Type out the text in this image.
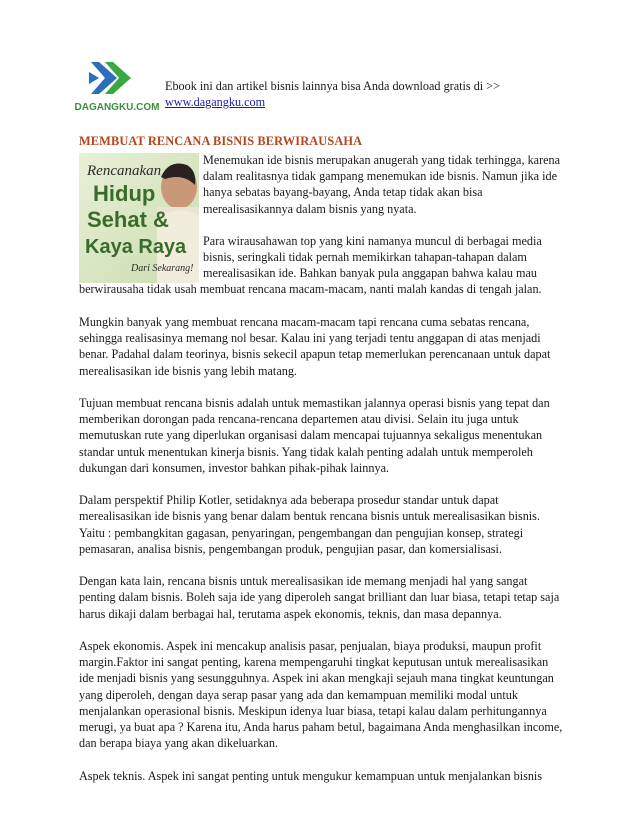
DAGANGKU.COM
Ebook ini dan artikel bisnis lainnya bisa Anda download gratis di >>
www.dagangku.com
MEMBUAT RENCANA BISNIS BERWIRAUSAHA
Rencanakan
Hidup
Sehat &
Kaya Raya
Dari Sekarang!

Menemukan ide bisnis merupakan anugerah yang tidak terhingga, karena dalam realitasnya tidak gampang menemukan ide bisnis. Namun jika ide hanya sebatas bayang-bayang, Anda tetap tidak akan bisa merealisasikannya dalam bisnis yang nyata.

Para wirausahawan top yang kini namanya muncul di berbagai media bisnis, seringkali tidak pernah memikirkan tahapan-tahapan dalam merealisasikan ide. Bahkan banyak pula anggapan bahwa kalau mau berwirausaha tidak usah membuat rencana macam-macam, nanti malah kandas di tengah jalan.

Mungkin banyak yang membuat rencana macam-macam tapi rencana cuma sebatas rencana, sehingga realisasinya memang nol besar. Kalau ini yang terjadi tentu anggapan di atas menjadi benar. Padahal dalam teorinya, bisnis sekecil apapun tetap memerlukan perencanaan untuk dapat merealisasikan ide bisnis yang lebih matang.

Tujuan membuat rencana bisnis adalah untuk memastikan jalannya operasi bisnis yang tepat dan memberikan dorongan pada rencana-rencana departemen atau divisi. Selain itu juga untuk memutuskan rute yang diperlukan organisasi dalam mencapai tujuannya sekaligus menentukan standar untuk menentukan kinerja bisnis. Yang tidak kalah penting adalah untuk memperoleh dukungan dari konsumen, investor bahkan pihak-pihak lainnya.

Dalam perspektif Philip Kotler, setidaknya ada beberapa prosedur standar untuk dapat merealisasikan ide bisnis yang benar dalam bentuk rencana bisnis untuk merealisasikan bisnis. Yaitu : pembangkitan gagasan, penyaringan, pengembangan dan pengujian konsep, strategi pemasaran, analisa bisnis, pengembangan produk, pengujian pasar, dan komersialisasi.

Dengan kata lain, rencana bisnis untuk merealisasikan ide memang menjadi hal yang sangat penting dalam bisnis. Boleh saja ide yang diperoleh sangat brilliant dan luar biasa, tetapi tetap saja harus dikaji dalam berbagai hal, terutama aspek ekonomis, teknis, dan masa depannya.

Aspek ekonomis. Aspek ini mencakup analisis pasar, penjualan, biaya produksi, maupun profit margin.Faktor ini sangat penting, karena mempengaruhi tingkat keputusan untuk merealisasikan ide menjadi bisnis yang sesungguhnya. Aspek ini akan mengkaji sejauh mana tingkat keuntungan yang diperoleh, dengan daya serap pasar yang ada dan kemampuan memiliki modal untuk menjalankan operasional bisnis. Meskipun idenya luar biasa, tetapi kalau dalam perhitungannya merugi, ya buat apa ? Karena itu, Anda harus paham betul, bagaimana Anda menghasilkan income, dan berapa biaya yang akan dikeluarkan.

Aspek teknis. Aspek ini sangat penting untuk mengukur kemampuan untuk menjalankan bisnis
